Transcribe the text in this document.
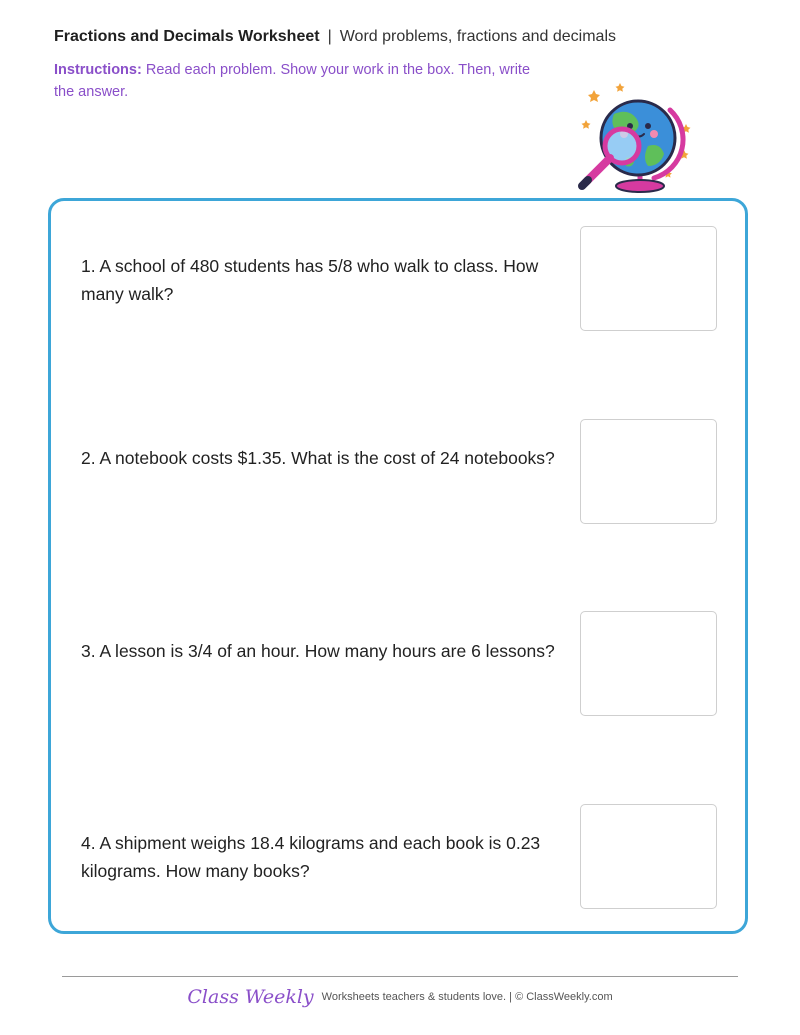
Fractions and Decimals Worksheet | Word problems, fractions and decimals
Instructions: Read each problem. Show your work in the box. Then, write the answer.
1. A school of 480 students has 5/8 who walk to class. How many walk?
2. A notebook costs $1.35. What is the cost of 24 notebooks?
3. A lesson is 3/4 of an hour. How many hours are 6 lessons?
4. A shipment weighs 18.4 kilograms and each book is 0.23 kilograms. How many books?
Class Weekly Worksheets teachers & students love. | © ClassWeekly.com
